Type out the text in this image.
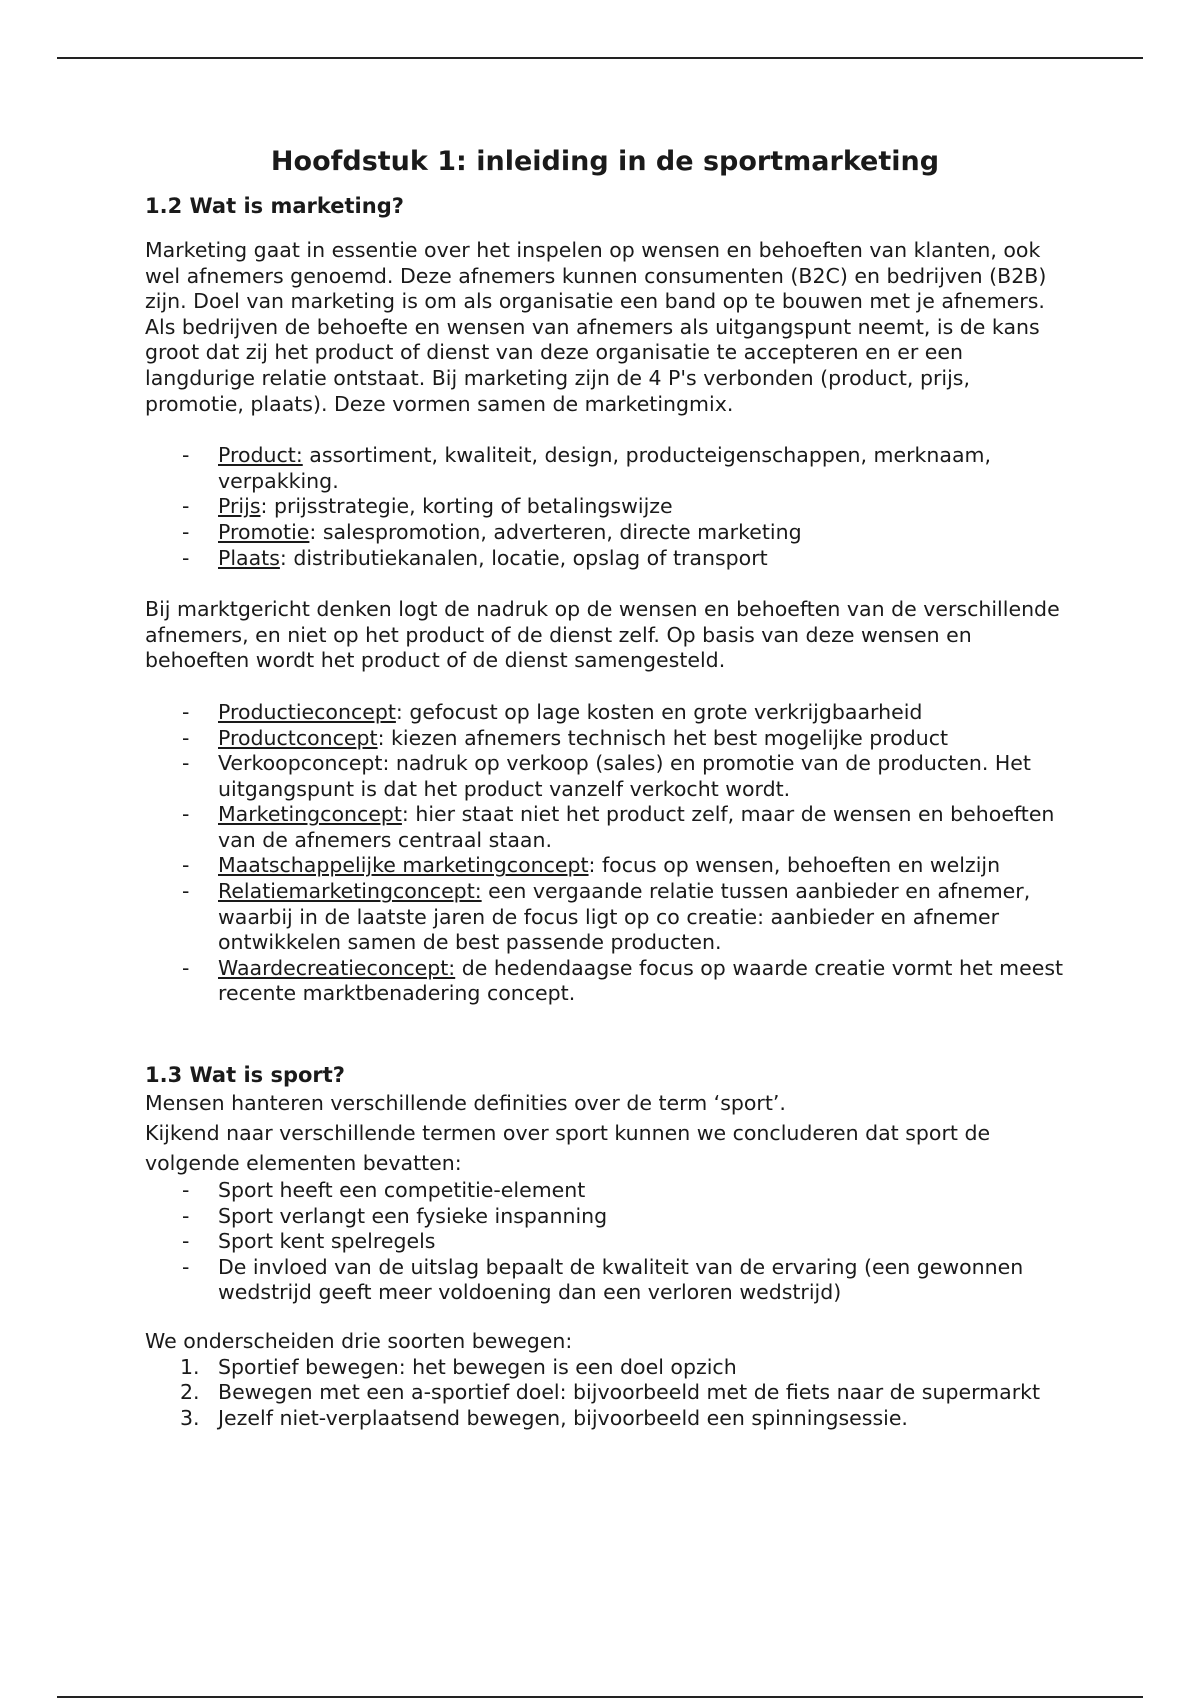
Hoofdstuk 1: inleiding in de sportmarketing
1.2 Wat is marketing?

Marketing gaat in essentie over het inspelen op wensen en behoeften van klanten, ook wel afnemers genoemd. Deze afnemers kunnen consumenten (B2C) en bedrijven (B2B) zijn. Doel van marketing is om als organisatie een band op te bouwen met je afnemers. Als bedrijven de behoefte en wensen van afnemers als uitgangspunt neemt, is de kans groot dat zij het product of dienst van deze organisatie te accepteren en er een langdurige relatie ontstaat. Bij marketing zijn de 4 P's verbonden (product, prijs, promotie, plaats). Deze vormen samen de marketingmix.

- Product: assortiment, kwaliteit, design, producteigenschappen, merknaam, verpakking.
- Prijs: prijsstrategie, korting of betalingswijze
- Promotie: salespromotion, adverteren, directe marketing
- Plaats: distributiekanalen, locatie, opslag of transport

Bij marktgericht denken logt de nadruk op de wensen en behoeften van de verschillende afnemers, en niet op het product of de dienst zelf. Op basis van deze wensen en behoeften wordt het product of de dienst samengesteld.

- Productieconcept: gefocust op lage kosten en grote verkrijgbaarheid
- Productconcept: kiezen afnemers technisch het best mogelijke product
- Verkoopconcept: nadruk op verkoop (sales) en promotie van de producten. Het uitgangspunt is dat het product vanzelf verkocht wordt.
- Marketingconcept: hier staat niet het product zelf, maar de wensen en behoeften van de afnemers centraal staan.
- Maatschappelijke marketingconcept: focus op wensen, behoeften en welzijn
- Relatiemarketingconcept: een vergaande relatie tussen aanbieder en afnemer, waarbij in de laatste jaren de focus ligt op co creatie: aanbieder en afnemer ontwikkelen samen de best passende producten.
- Waardecreatieconcept: de hedendaagse focus op waarde creatie vormt het meest recente marktbenadering concept.
1.3 Wat is sport?

Mensen hanteren verschillende definities over de term ‘sport’.

Kijkend naar verschillende termen over sport kunnen we concluderen dat sport de volgende elementen bevatten:

- Sport heeft een competitie-element
- Sport verlangt een fysieke inspanning
- Sport kent spelregels
- De invloed van de uitslag bepaalt de kwaliteit van de ervaring (een gewonnen wedstrijd geeft meer voldoening dan een verloren wedstrijd)

We onderscheiden drie soorten bewegen:

1. Sportief bewegen: het bewegen is een doel opzich
2. Bewegen met een a-sportief doel: bijvoorbeeld met de fiets naar de supermarkt
3. Jezelf niet-verplaatsend bewegen, bijvoorbeeld een spinningsessie.
